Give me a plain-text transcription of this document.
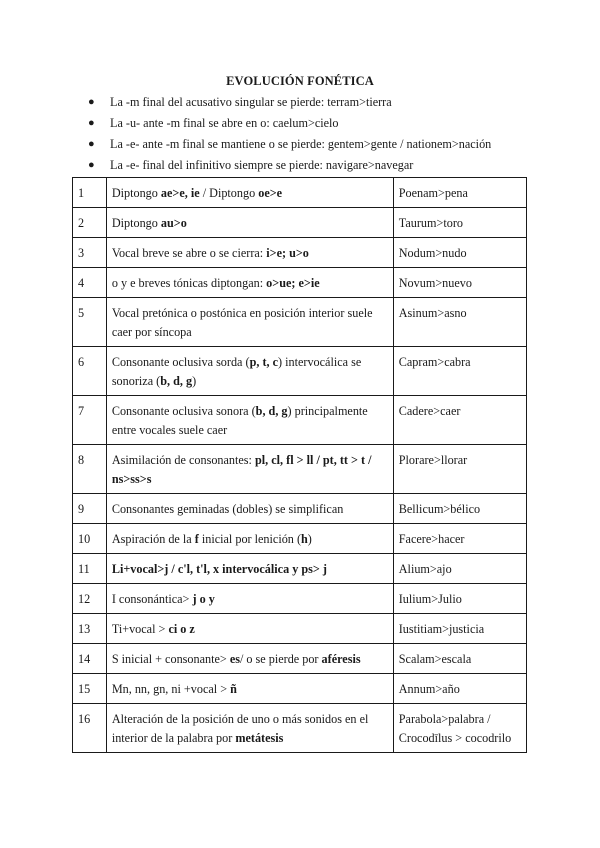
EVOLUCIÓN FONÉTICA
● La -m final del acusativo singular se pierde: terram>tierra
● La -u- ante -m final se abre en o: caelum>cielo
● La -e- ante -m final se mantiene o se pierde: gentem>gente / nationem>nación
● La -e- final del infinitivo siempre se pierde: navigare>navegar
1	Diptongo ae>e, ie / Diptongo oe>e	Poenam>pena
2	Diptongo au>o	Taurum>toro
3	Vocal breve se abre o se cierra: i>e; u>o	Nodum>nudo
4	o y e breves tónicas diptongan: o>ue; e>ie	Novum>nuevo
5	Vocal pretónica o postónica en posición interior suele caer por síncopa	Asinum>asno
6	Consonante oclusiva sorda (p, t, c) intervocálica se sonoriza (b, d, g)	Capram>cabra
7	Consonante oclusiva sonora (b, d, g) principalmente entre vocales suele caer	Cadere>caer
8	Asimilación de consonantes: pl, cl, fl > ll / pt, tt > t / ns>ss>s	Plorare>llorar
9	Consonantes geminadas (dobles) se simplifican	Bellicum>bélico
10	Aspiración de la f inicial por lenición (h)	Facere>hacer
11	Li+vocal>j / c'l, t'l, x intervocálica y ps> j	Alium>ajo
12	I consonántica> j o y	Iulium>Julio
13	Ti+vocal > ci o z	Iustitiam>justicia
14	S inicial + consonante> es/ o se pierde por aféresis	Scalam>escala
15	Mn, nn, gn, ni +vocal > ñ	Annum>año
16	Alteración de la posición de uno o más sonidos en el interior de la palabra por metátesis	Parabola>palabra / Crocodīlus > cocodrilo
